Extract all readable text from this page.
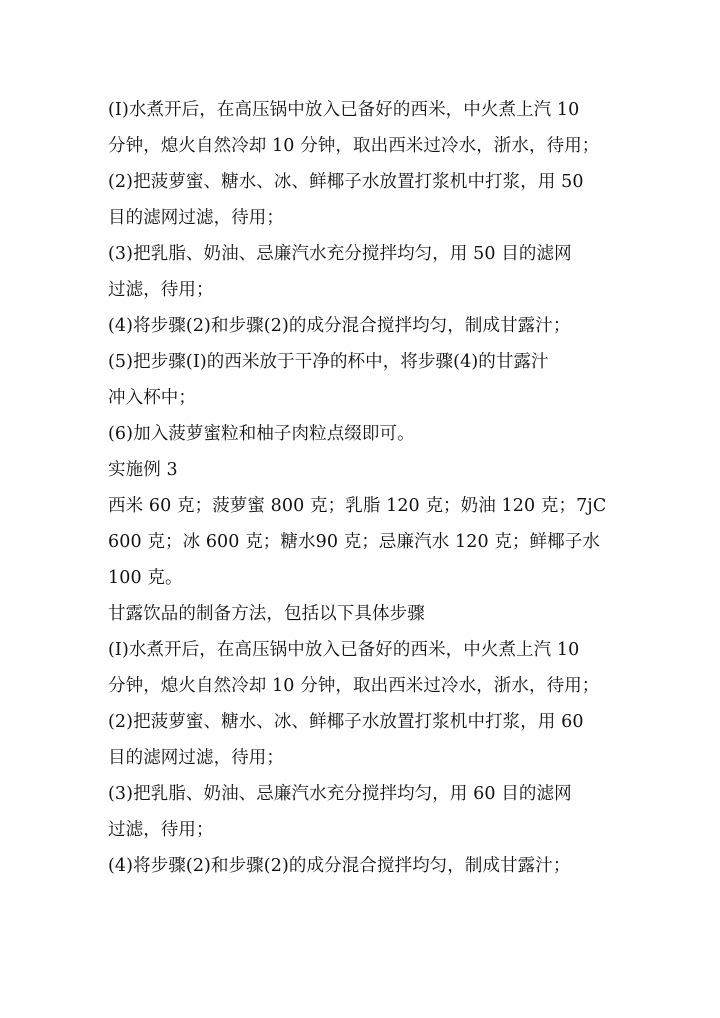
(I)水煮开后，在高压锅中放入已备好的西米，中火煮上汽 10
分钟，熄火自然冷却 10 分钟，取出西米过冷水，浙水，待用；
(2)把菠萝蜜、糖水、冰、鲜椰子水放置打浆机中打浆，用 50
目的滤网过滤，待用；
(3)把乳脂、奶油、忌廉汽水充分搅拌均匀，用 50 目的滤网
过滤，待用；
(4)将步骤(2)和步骤(2)的成分混合搅拌均匀，制成甘露汁；
(5)把步骤(I)的西米放于干净的杯中，将步骤(4)的甘露汁
冲入杯中；
(6)加入菠萝蜜粒和柚子肉粒点缀即可。
实施例 3
西米 60 克；菠萝蜜 800 克；乳脂 120 克；奶油 120 克；7jC
600 克；冰 600 克；糖水90 克；忌廉汽水 120 克；鲜椰子水
100 克。
甘露饮品的制备方法，包括以下具体步骤
(I)水煮开后，在高压锅中放入已备好的西米，中火煮上汽 10
分钟，熄火自然冷却 10 分钟，取出西米过冷水，浙水，待用；
(2)把菠萝蜜、糖水、冰、鲜椰子水放置打浆机中打浆，用 60
目的滤网过滤，待用；
(3)把乳脂、奶油、忌廉汽水充分搅拌均匀，用 60 目的滤网
过滤，待用；
(4)将步骤(2)和步骤(2)的成分混合搅拌均匀，制成甘露汁；
